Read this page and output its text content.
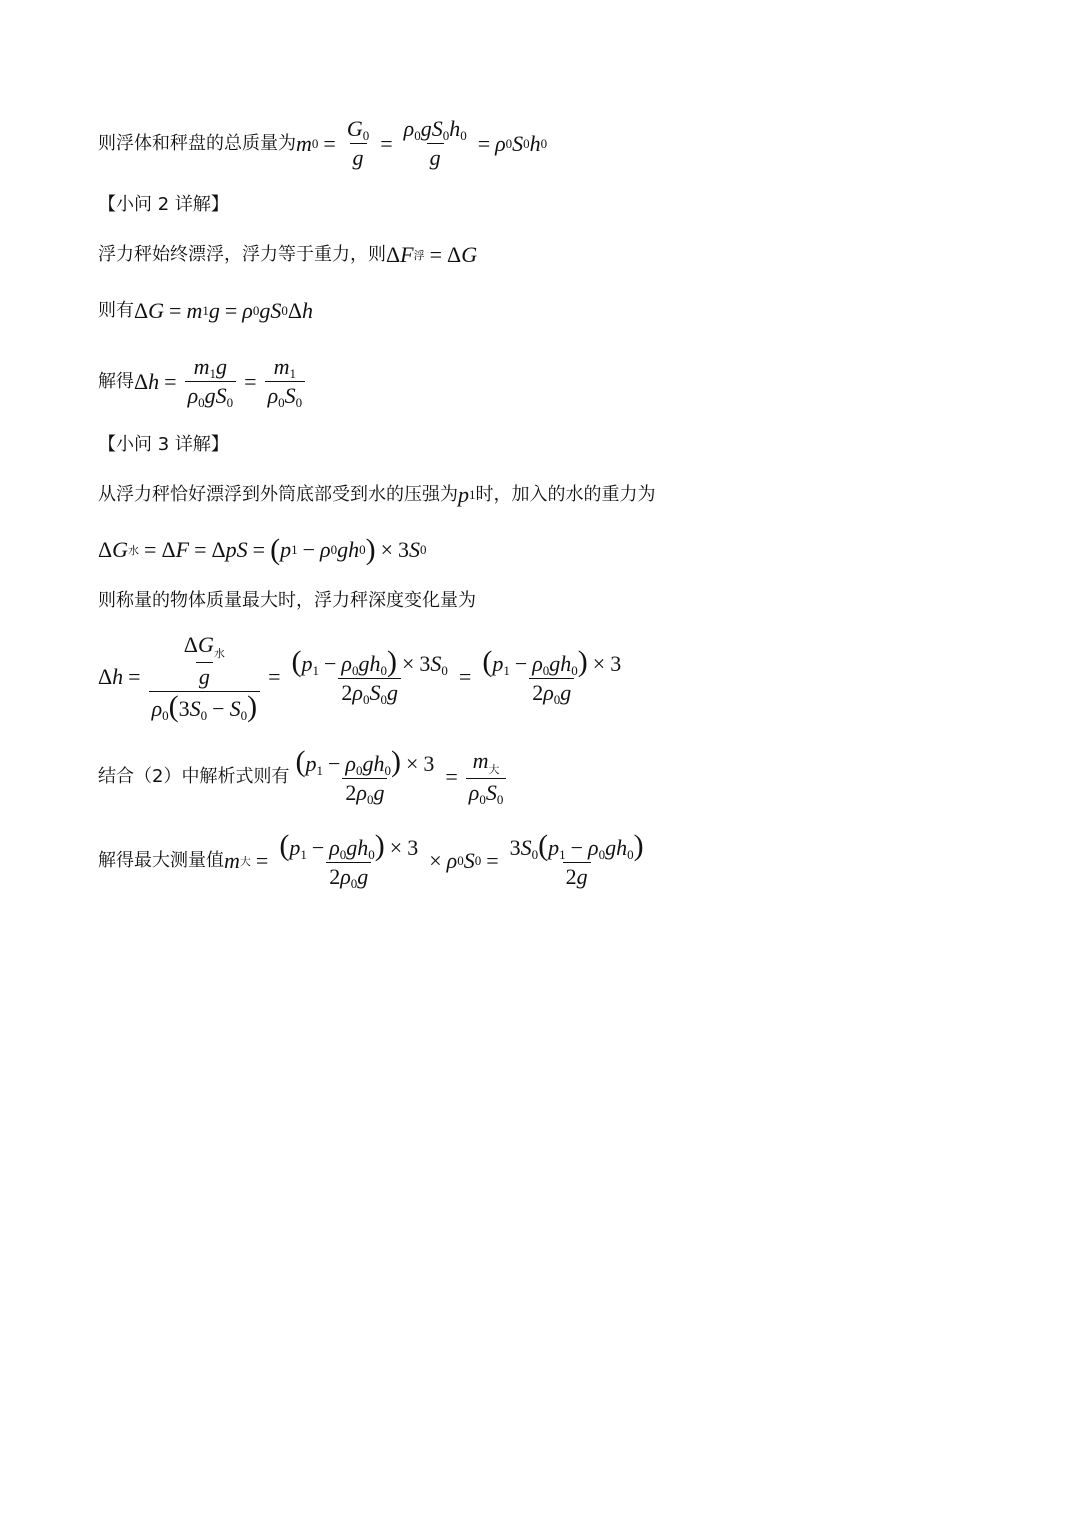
则浮体和秤盘的总质量为 m $0 = \frac{G_0}{g} = \frac{\rho_0gS_0h_0}{g} = \rho$ 0 S 0 h 0
【小问 2 详解】
浮力秤始终漂浮，浮力等于重力，则 Δ F 浮 = Δ G
则有 Δ G = m 1 g = ρ 0 gS 0 Δ h
解得 Δ $h = \frac{m_1g}{\rho_0gS_0} = \frac{m_1}{\rho_0S_0}$
【小问 3 详解】
从浮力秤恰好漂浮到外筒底部受到水的压强为 p 1 时，加入的水的重力为
Δ G 水 = Δ F = Δ pS = ( p 1 − ρ 0 gh 0 ) × 3 S 0
则称量的物体质量最大时，浮力秤深度变化量为
Δ $h = \frac{\frac{\Delta G_水}{g}}{\rho_0(3S_0 - S_0)} = \frac{(p_1 - \rho_0gh_0) \times 3S_0}{2\rho_0S_0g} = \frac{(p_1 - \rho_0gh_0) \times 3}{2\rho_0g}$
结合（2）中解析式则有 $\frac{(p_1 - \rho_0gh_0) \times 3}{2\rho_0g} = \frac{m_大}{\rho_0S_0}$
解得最大测量值 m 大 = $\frac{(p_1 - \rho_0gh_0) \times 3}{2\rho_0g} \times \rho$ 0 S $0 = \frac{3S_0(p_1 - \rho_0gh_0)}{2g}$
